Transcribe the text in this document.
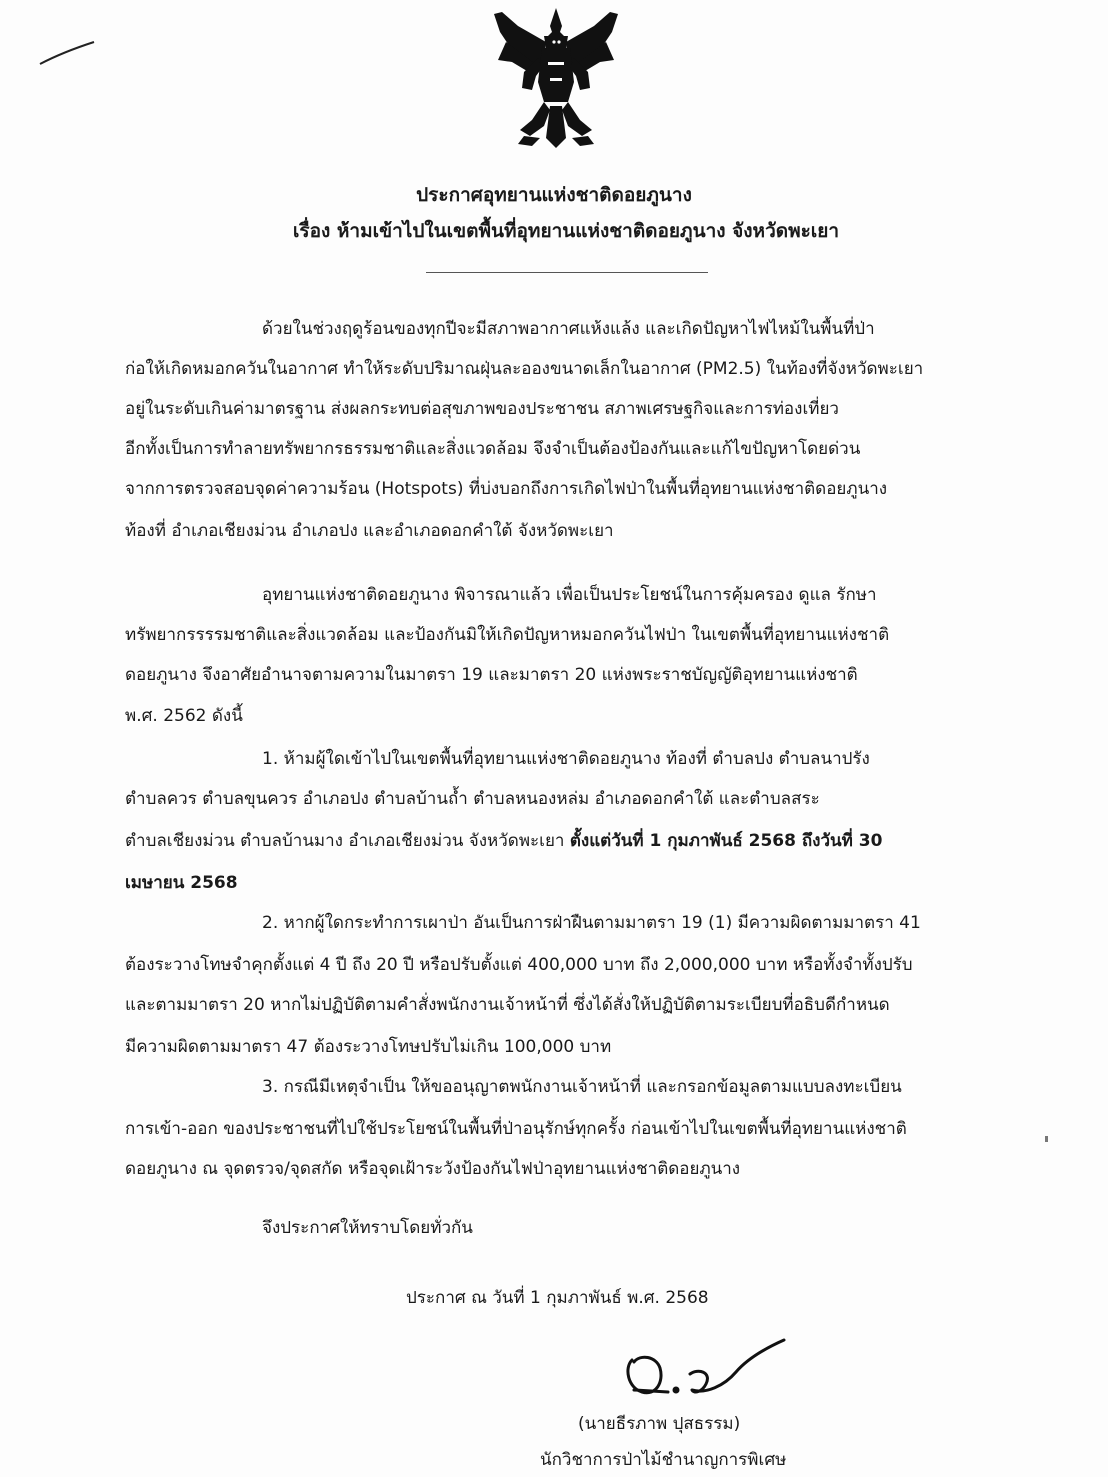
ประกาศอุทยานแห่งชาติดอยภูนาง
เรื่อง ห้ามเข้าไปในเขตพื้นที่อุทยานแห่งชาติดอยภูนาง จังหวัดพะเยา
ด้วยในช่วงฤดูร้อนของทุกปีจะมีสภาพอากาศแห้งแล้ง และเกิดปัญหาไฟไหม้ในพื้นที่ป่า
ก่อให้เกิดหมอกควันในอากาศ ทำให้ระดับปริมาณฝุ่นละอองขนาดเล็กในอากาศ (PM2.5) ในท้องที่จังหวัดพะเยา
อยู่ในระดับเกินค่ามาตรฐาน ส่งผลกระทบต่อสุขภาพของประชาชน สภาพเศรษฐกิจและการท่องเที่ยว
อีกทั้งเป็นการทำลายทรัพยากรธรรมชาติและสิ่งแวดล้อม จึงจำเป็นต้องป้องกันและแก้ไขปัญหาโดยด่วน
จากการตรวจสอบจุดค่าความร้อน (Hotspots) ที่บ่งบอกถึงการเกิดไฟป่าในพื้นที่อุทยานแห่งชาติดอยภูนาง
ท้องที่ อำเภอเชียงม่วน อำเภอปง และอำเภอดอกคำใต้ จังหวัดพะเยา
อุทยานแห่งชาติดอยภูนาง พิจารณาแล้ว เพื่อเป็นประโยชน์ในการคุ้มครอง ดูแล รักษา
ทรัพยากรรรรมชาติและสิ่งแวดล้อม และป้องกันมิให้เกิดปัญหาหมอกควันไฟป่า ในเขตพื้นที่อุทยานแห่งชาติ
ดอยภูนาง จึงอาศัยอำนาจตามความในมาตรา 19 และมาตรา 20 แห่งพระราชบัญญัติอุทยานแห่งชาติ
พ.ศ. 2562 ดังนี้
1. ห้ามผู้ใดเข้าไปในเขตพื้นที่อุทยานแห่งชาติดอยภูนาง ท้องที่ ตำบลปง ตำบลนาปรัง
ตำบลควร ตำบลขุนควร อำเภอปง ตำบลบ้านถ้ำ ตำบลหนองหล่ม อำเภอดอกคำใต้ และตำบลสระ
ตำบลเชียงม่วน ตำบลบ้านมาง อำเภอเชียงม่วน จังหวัดพะเยา ตั้งแต่วันที่ 1 กุมภาพันธ์ 2568 ถึงวันที่ 30
เมษายน 2568
2. หากผู้ใดกระทำการเผาป่า อันเป็นการฝ่าฝืนตามมาตรา 19 (1) มีความผิดตามมาตรา 41
ต้องระวางโทษจำคุกตั้งแต่ 4 ปี ถึง 20 ปี หรือปรับตั้งแต่ 400,000 บาท ถึง 2,000,000 บาท หรือทั้งจำทั้งปรับ
และตามมาตรา 20 หากไม่ปฏิบัติตามคำสั่งพนักงานเจ้าหน้าที่ ซึ่งได้สั่งให้ปฏิบัติตามระเบียบที่อธิบดีกำหนด
มีความผิดตามมาตรา 47 ต้องระวางโทษปรับไม่เกิน 100,000 บาท
3. กรณีมีเหตุจำเป็น ให้ขออนุญาตพนักงานเจ้าหน้าที่ และกรอกข้อมูลตามแบบลงทะเบียน
การเข้า-ออก ของประชาชนที่ไปใช้ประโยชน์ในพื้นที่ป่าอนุรักษ์ทุกครั้ง ก่อนเข้าไปในเขตพื้นที่อุทยานแห่งชาติ
ดอยภูนาง ณ จุดตรวจ/จุดสกัด หรือจุดเฝ้าระวังป้องกันไฟป่าอุทยานแห่งชาติดอยภูนาง
จึงประกาศให้ทราบโดยทั่วกัน
ประกาศ ณ วันที่ 1 กุมภาพันธ์ พ.ศ. 2568
(นายธีรภาพ ปุสธรรม)
นักวิชาการป่าไม้ชำนาญการพิเศษ
